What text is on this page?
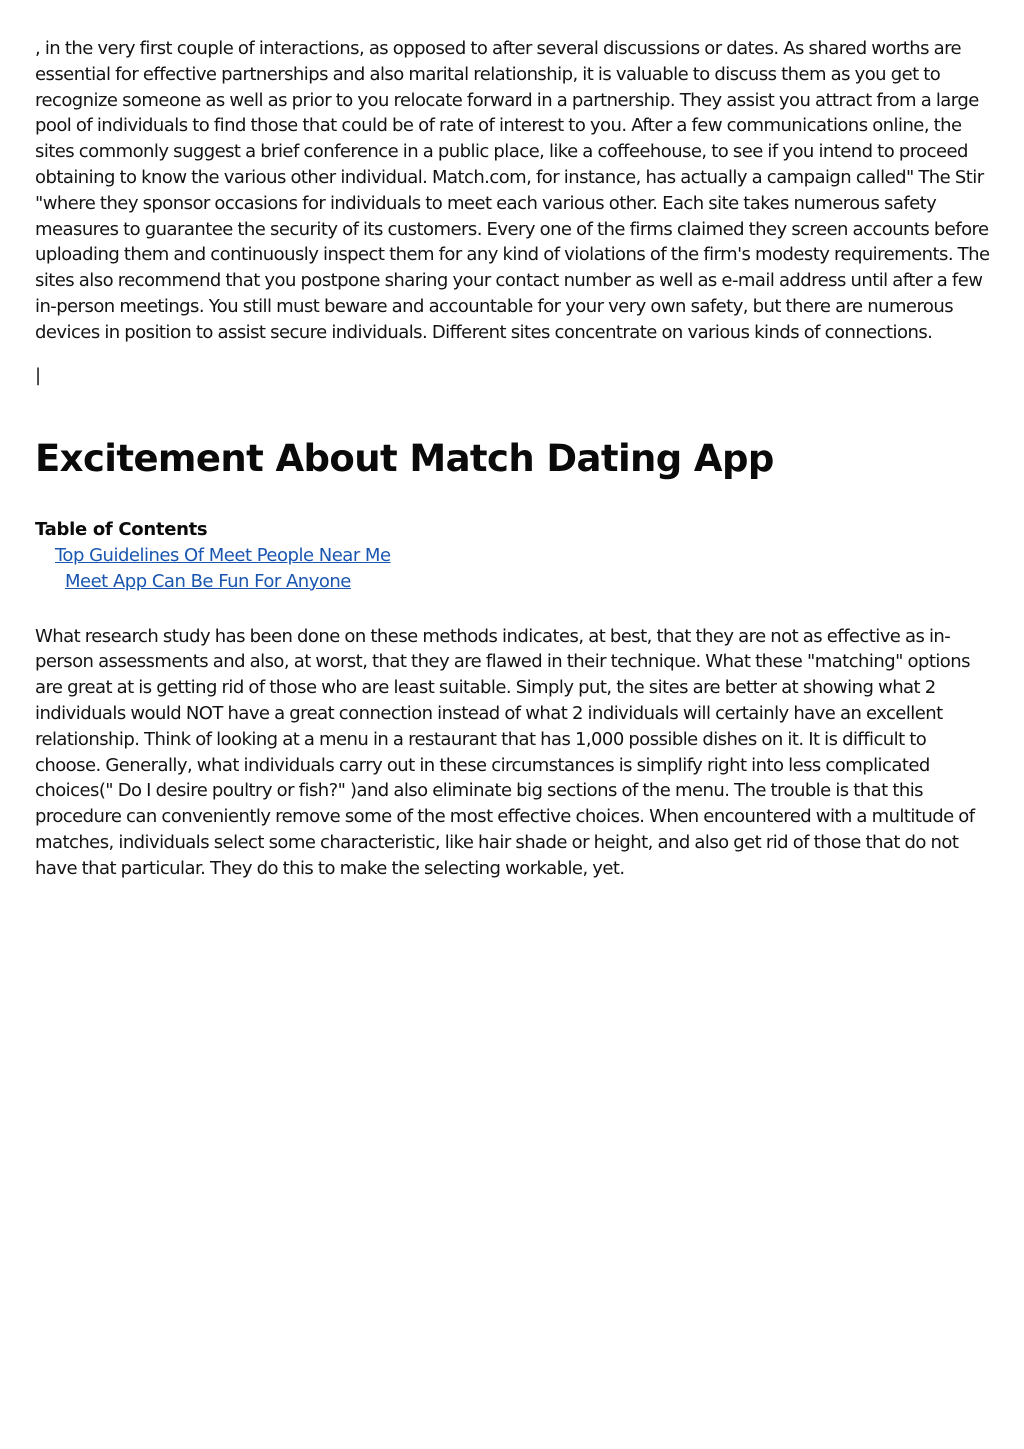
, in the very first couple of interactions, as opposed to after several discussions or dates. As shared worths are essential for effective partnerships and also marital relationship, it is valuable to discuss them as you get to recognize someone as well as prior to you relocate forward in a partnership. They assist you attract from a large pool of individuals to find those that could be of rate of interest to you. After a few communications online, the sites commonly suggest a brief conference in a public place, like a coffeehouse, to see if you intend to proceed obtaining to know the various other individual. Match.com, for instance, has actually a campaign called" The Stir "where they sponsor occasions for individuals to meet each various other. Each site takes numerous safety measures to guarantee the security of its customers. Every one of the firms claimed they screen accounts before uploading them and continuously inspect them for any kind of violations of the firm's modesty requirements. The sites also recommend that you postpone sharing your contact number as well as e-mail address until after a few in-person meetings. You still must beware and accountable for your very own safety, but there are numerous devices in position to assist secure individuals. Different sites concentrate on various kinds of connections.

|

Excitement About Match Dating App

Table of Contents

Top Guidelines Of Meet People Near Me
Meet App Can Be Fun For Anyone

What research study has been done on these methods indicates, at best, that they are not as effective as in-person assessments and also, at worst, that they are flawed in their technique. What these "matching" options are great at is getting rid of those who are least suitable. Simply put, the sites are better at showing what 2 individuals would NOT have a great connection instead of what 2 individuals will certainly have an excellent relationship. Think of looking at a menu in a restaurant that has 1,000 possible dishes on it. It is difficult to choose. Generally, what individuals carry out in these circumstances is simplify right into less complicated choices(" Do I desire poultry or fish?" )and also eliminate big sections of the menu. The trouble is that this procedure can conveniently remove some of the most effective choices. When encountered with a multitude of matches, individuals select some characteristic, like hair shade or height, and also get rid of those that do not have that particular. They do this to make the selecting workable, yet.
